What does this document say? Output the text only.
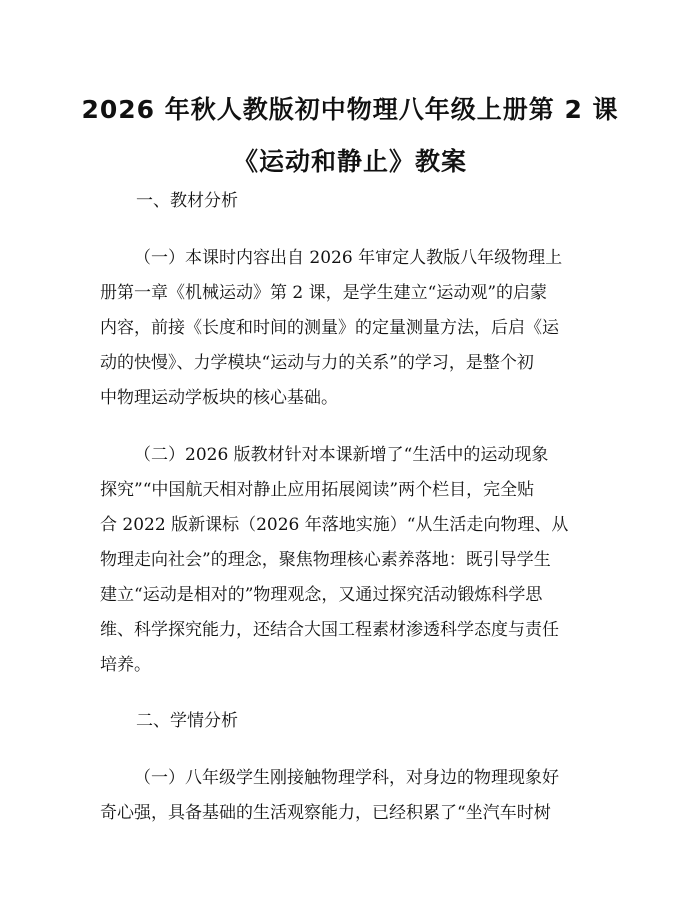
2026 年秋人教版初中物理八年级上册第 2 课
《运动和静止》教案
一、教材分析
（一）本课时内容出自 2026 年审定人教版八年级物理上
册第一章《机械运动》第 2 课，是学生建立“运动观”的启蒙
内容，前接《长度和时间的测量》的定量测量方法，后启《运
动的快慢》、力学模块“运动与力的关系”的学习，是整个初
中物理运动学板块的核心基础。
（二）2026 版教材针对本课新增了“生活中的运动现象
探究”“中国航天相对静止应用拓展阅读”两个栏目，完全贴
合 2022 版新课标（2026 年落地实施）“从生活走向物理、从
物理走向社会”的理念，聚焦物理核心素养落地：既引导学生
建立“运动是相对的”物理观念，又通过探究活动锻炼科学思
维、科学探究能力，还结合大国工程素材渗透科学态度与责任
培养。
二、学情分析
（一）八年级学生刚接触物理学科，对身边的物理现象好
奇心强，具备基础的生活观察能力，已经积累了“坐汽车时树
